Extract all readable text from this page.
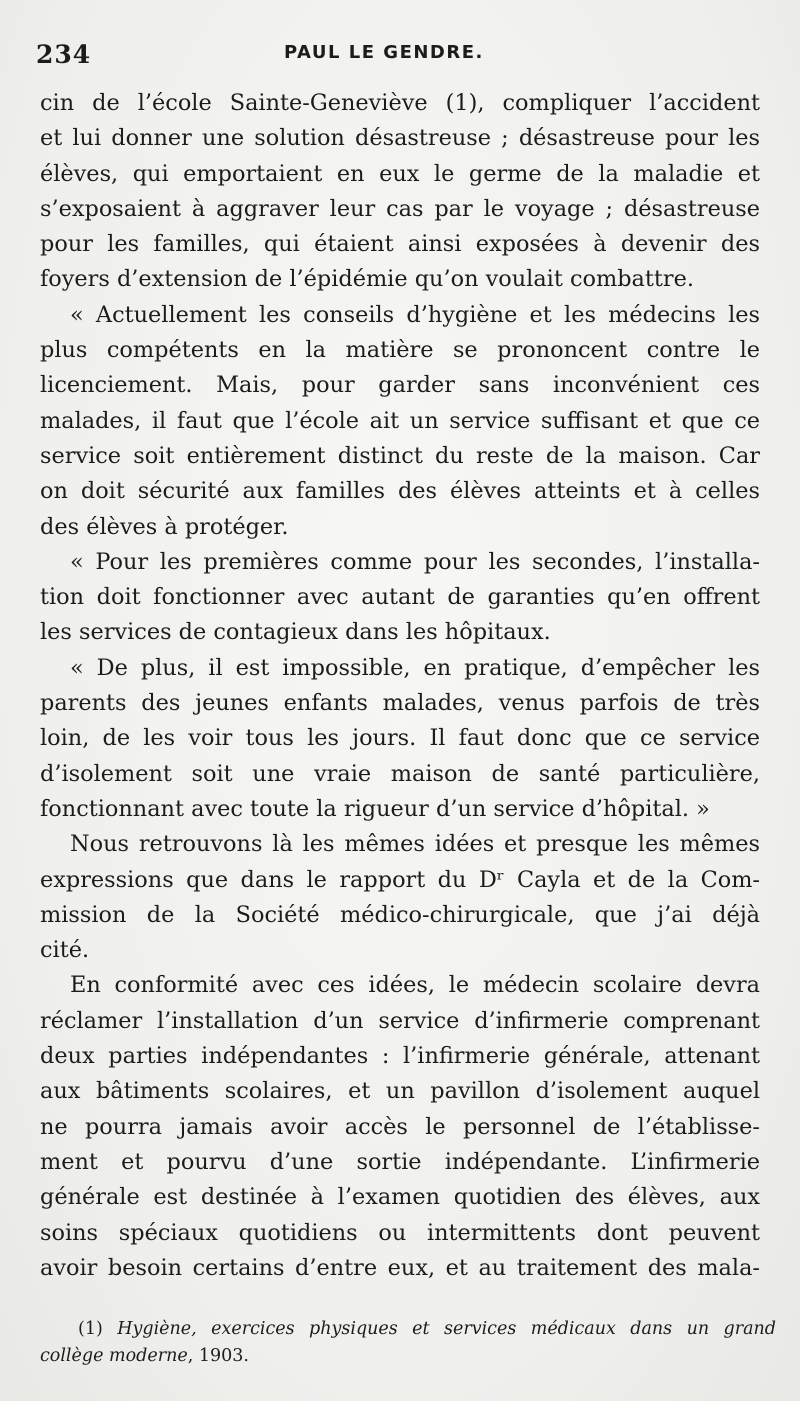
234	PAUL LE GENDRE.
cin de l’école Sainte-Geneviève (1), compliquer l’accident
et lui donner une solution désastreuse ; désastreuse pour les
élèves, qui emportaient en eux le germe de la maladie et
s’exposaient à aggraver leur cas par le voyage ; désastreuse
pour les familles, qui étaient ainsi exposées à devenir des
foyers d’extension de l’épidémie qu’on voulait combattre.
« Actuellement les conseils d’hygiène et les médecins les
plus compétents en la matière se prononcent contre le
licenciement. Mais, pour garder sans inconvénient ces
malades, il faut que l’école ait un service suffisant et que ce
service soit entièrement distinct du reste de la maison. Car
on doit sécurité aux familles des élèves atteints et à celles
des élèves à protéger.
« Pour les premières comme pour les secondes, l’installa-
tion doit fonctionner avec autant de garanties qu’en offrent
les services de contagieux dans les hôpitaux.
« De plus, il est impossible, en pratique, d’empêcher les
parents des jeunes enfants malades, venus parfois de très
loin, de les voir tous les jours. Il faut donc que ce service
d’isolement soit une vraie maison de santé particulière,
fonctionnant avec toute la rigueur d’un service d’hôpital. »
Nous retrouvons là les mêmes idées et presque les mêmes
expressions que dans le rapport du Dʳ Cayla et de la Com-
mission de la Société médico-chirurgicale, que j’ai déjà
cité.
En conformité avec ces idées, le médecin scolaire devra
réclamer l’installation d’un service d’infirmerie comprenant
deux parties indépendantes : l’infirmerie générale, attenant
aux bâtiments scolaires, et un pavillon d’isolement auquel
ne pourra jamais avoir accès le personnel de l’établisse-
ment et pourvu d’une sortie indépendante. L’infirmerie
générale est destinée à l’examen quotidien des élèves, aux
soins spéciaux quotidiens ou intermittents dont peuvent
avoir besoin certains d’entre eux, et au traitement des mala-
(1) Hygiène, exercices physiques et services médicaux dans un grand
collège moderne, 1903.
